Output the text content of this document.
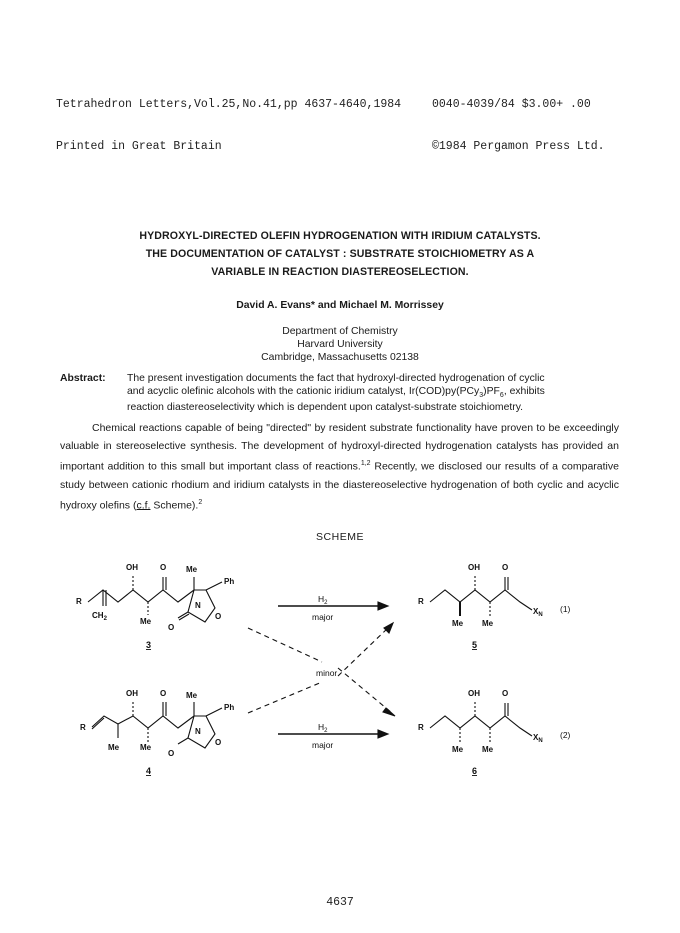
Tetrahedron Letters,Vol.25,No.41,pp 4637-4640,1984

Printed in Great Britain

0040-4039/84 $3.00+ .00

©1984 Pergamon Press Ltd.

HYDROXYL-DIRECTED OLEFIN HYDROGENATION WITH IRIDIUM CATALYSTS.
THE DOCUMENTATION OF CATALYST : SUBSTRATE STOICHIOMETRY AS A
VARIABLE IN REACTION DIASTEREOSELECTION.
David A. Evans* and Michael M. Morrissey
Department of Chemistry
Harvard University
Cambridge, Massachusetts 02138
Abstract: The present investigation documents the fact that hydroxyl-directed hydrogenation of cyclic
and acyclic olefinic alcohols with the cationic iridium catalyst, $Ir(COD)py(PCy_3)PF_6$, exhibits
reaction diastereoselectivity which is dependent upon catalyst-substrate stoichiometry.

Chemical reactions capable of being "directed" by resident substrate functionality have proven to be exceedingly valuable in stereoselective synthesis. The development of hydroxyl-directed hydrogenation catalysts has provided an important addition to this small but important class of reactions.$^{1,2}$ Recently, we disclosed our results of a comparative study between cationic rhodium and iridium catalysts in the diastereoselective hydrogenation of both cyclic and acyclic hydroxy olefins (c.f. Scheme).$^2$

SCHEME
OH	O Me
Ph
R	N
O
O
$CH_2$	Me
3
$H_2$
major
minor
$H_2$
major
OH	O Me
Ph
R	N
O
O
Me	Me
4
OH	O
R
$X_N$
Me Me
(1)
5
OH	O
R
$X_N$
Me Me
(2)
6
4637
